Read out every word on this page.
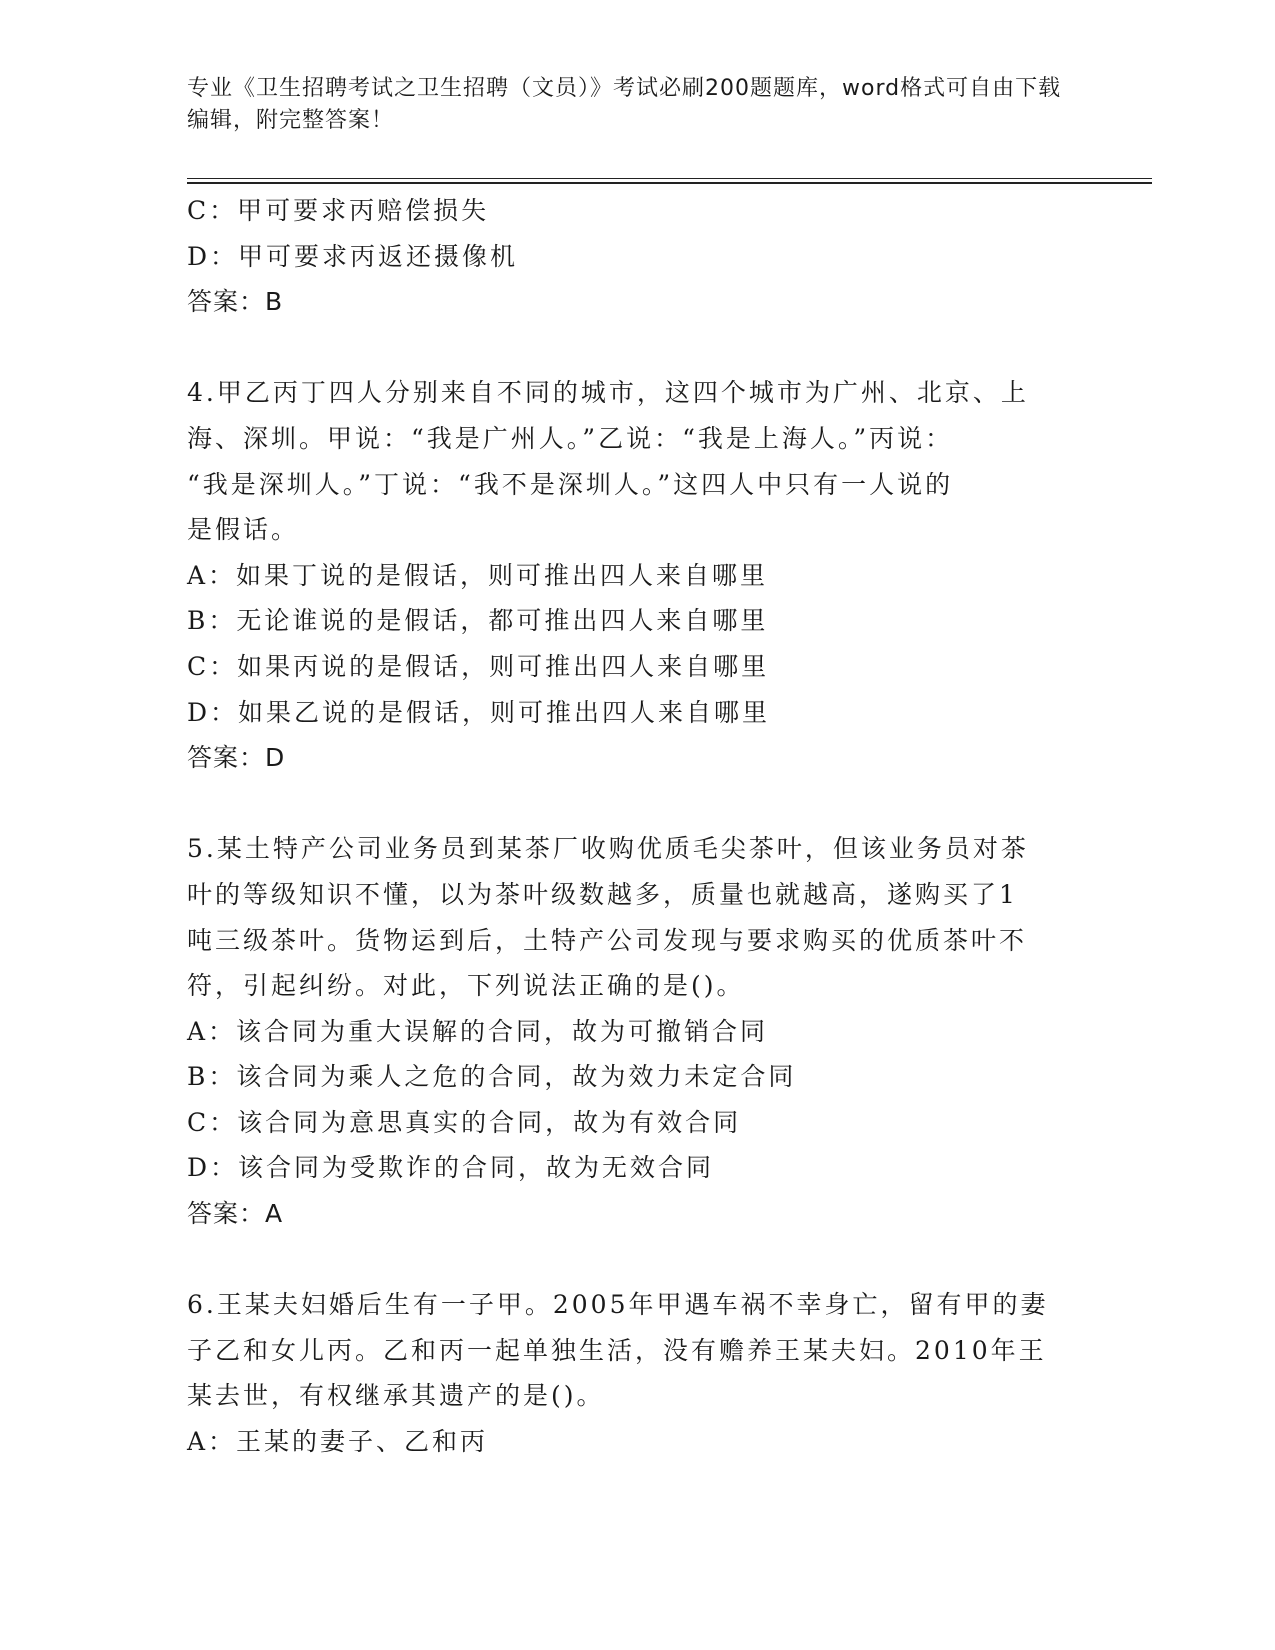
专业《卫生招聘考试之卫生招聘（文员）》考试必刷200题题库，word格式可自由下载编辑，附完整答案！
C：甲可要求丙赔偿损失
D：甲可要求丙返还摄像机
答案：B
4.甲乙丙丁四人分别来自不同的城市，这四个城市为广州、北京、上
海、深圳。甲说：“我是广州人。”乙说：“我是上海人。”丙说：
“我是深圳人。”丁说：“我不是深圳人。”这四人中只有一人说的
是假话。
A：如果丁说的是假话，则可推出四人来自哪里
B：无论谁说的是假话，都可推出四人来自哪里
C：如果丙说的是假话，则可推出四人来自哪里
D：如果乙说的是假话，则可推出四人来自哪里
答案：D
5.某土特产公司业务员到某茶厂收购优质毛尖茶叶，但该业务员对茶
叶的等级知识不懂，以为茶叶级数越多，质量也就越高，遂购买了1
吨三级茶叶。货物运到后，土特产公司发现与要求购买的优质茶叶不
符，引起纠纷。对此，下列说法正确的是()。
A：该合同为重大误解的合同，故为可撤销合同
B：该合同为乘人之危的合同，故为效力未定合同
C：该合同为意思真实的合同，故为有效合同
D：该合同为受欺诈的合同，故为无效合同
答案：A
6.王某夫妇婚后生有一子甲。2005年甲遇车祸不幸身亡，留有甲的妻
子乙和女儿丙。乙和丙一起单独生活，没有赡养王某夫妇。2010年王
某去世，有权继承其遗产的是()。
A：王某的妻子、乙和丙
